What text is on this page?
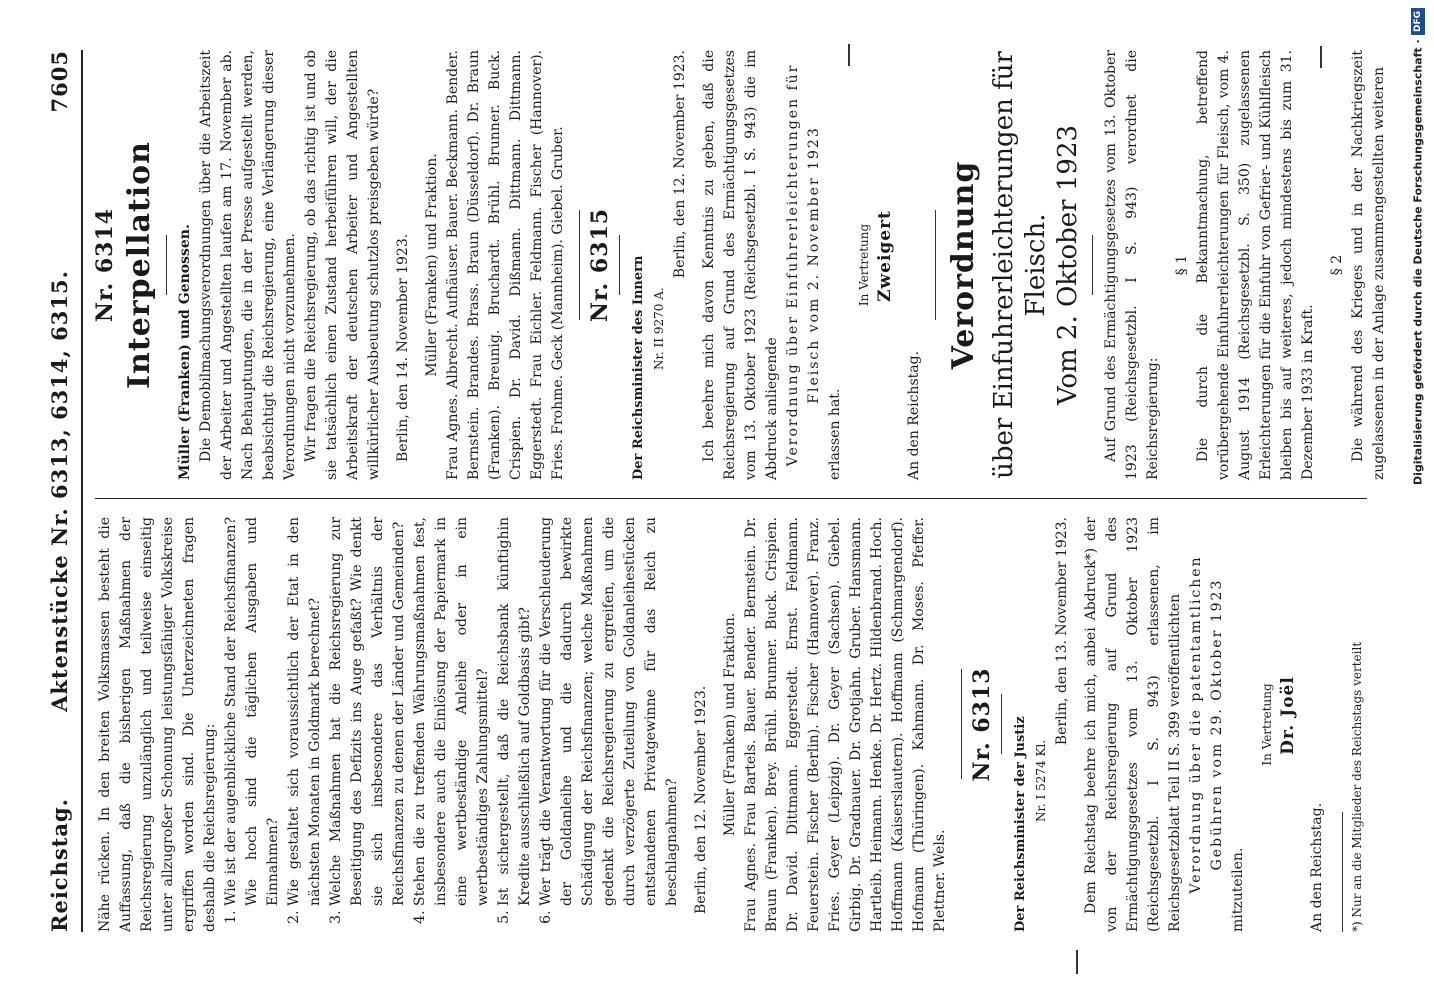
Reichstag.
Aktenstücke Nr. 6313, 6314, 6315.
7605

Nähe rücken. In den breiten Volksmassen besteht die Auffassung, daß die bisherigen Maßnahmen der Reichsregierung unzulänglich und teilweise einseitig unter allzugroßer Schonung leistungsfähiger Volkskreise ergriffen worden sind. Die Unterzeichneten fragen deshalb die Reichsregierung: 1. Wie ist der augenblickliche Stand der Reichsfinanzen? Wie hoch sind die täglichen Ausgaben und Einnahmen? 2. Wie gestaltet sich voraussichtlich der Etat in den nächsten Monaten in Goldmark berechnet? 3. Welche Maßnahmen hat die Reichsregierung zur Beseitigung des Defizits ins Auge gefaßt? Wie denkt sie sich insbesondere das Verhältnis der Reichsfinanzen zu denen der Länder und Gemeinden? 4. Stehen die zu treffenden Währungsmaßnahmen fest, insbesondere auch die Einlösung der Papiermark in eine wertbeständige Anleihe oder in ein wertbeständiges Zahlungsmittel? 5. Ist sichergestellt, daß die Reichsbank künftighin Kredite ausschließlich auf Goldbasis gibt? 6. Wer trägt die Verantwortung für die Verschleuderung der Goldanleihe und die dadurch bewirkte Schädigung der Reichsfinanzen; welche Maßnahmen gedenkt die Reichsregierung zu ergreifen, um die durch verzögerte Zuteilung von Goldanleihestücken entstandenen Privatgewinne für das Reich zu beschlagnahmen? Berlin, den 12. November 1923. Müller (Franken) und Fraktion. Frau Agnes. Frau Bartels. Bauer. Bender. Bernstein. Dr. Braun (Franken). Brey. Brühl. Brunner. Buck. Crispien. Dr. David. Dittmann. Eggerstedt. Ernst. Feldmann. Feuerstein. Fischer (Berlin). Fischer (Hannover). Franz. Fries. Geyer (Leipzig). Dr. Geyer (Sachsen). Giebel. Girbig. Dr. Gradnauer. Dr. Grotjahn. Gruber. Hansmann. Hartleib. Heimann. Henke. Dr. Hertz. Hildenbrand. Hoch. Hoffmann (Kaiserslautern). Hoffmann (Schmargendorf). Hofmann (Thüringen). Kahmann. Dr. Moses. Pfeffer. Plettner. Wels.

Nr. 6313 Der Reichsminister der Justiz Nr. I 5274 Kl.

Berlin, den 13. November 1923. Dem Reichstag beehre ich mich, anbei Abdruck*) der von der Reichsregierung auf Grund des Ermächtigungsgesetzes vom 13. Oktober 1923 (Reichsgesetzbl. I S. 943) erlassenen, im Reichsgesetzblatt Teil II S. 399 veröffentlichten Verordnung über die patentamtlichen Gebühren vom 29. Oktober 1923

mitzuteilen.

In Vertretung Dr. Joël

An den Reichstag. *) Nur an die Mitglieder des Reichstags verteilt

Nr. 6314 Interpellation Müller (Franken) und Genossen. Die Demobilmachungsverordnungen über die Arbeitszeit der Arbeiter und Angestellten laufen am 17. November ab. Nach Behauptungen, die in der Presse aufgestellt werden, beabsichtigt die Reichsregierung, eine Verlängerung dieser Verordnungen nicht vorzunehmen. Wir fragen die Reichsregierung, ob das richtig ist und ob sie tatsächlich einen Zustand herbeiführen will, der die Arbeitskraft der deutschen Arbeiter und Angestellten willkürlicher Ausbeutung schutzlos preisgeben würde? Berlin, den 14. November 1923. Müller (Franken) und Fraktion. Frau Agnes. Albrecht. Aufhäuser. Bauer. Beckmann. Bender. Bernstein. Brandes. Brass. Braun (Düsseldorf). Dr. Braun (Franken). Breunig. Bruchardt. Brühl. Brunner. Buck. Crispien. Dr. David. Dißmann. Dittmann. Dittmann. Eggerstedt. Frau Eichler. Feldmann. Fischer (Hannover). Fries. Frohme. Geck (Mannheim). Giebel. Gruber. Nr. 6315 Der Reichsminister des Innern Nr. II 9270 A.

Berlin, den 12. November 1923. Ich beehre mich davon Kenntnis zu geben, daß die Reichsregierung auf Grund des Ermächtigungsgesetzes vom 13. Oktober 1923 (Reichsgesetzbl. I S. 943) die im Abdruck anliegende Verordnung über Einfuhrerleichterungen für Fleisch vom 2. November 1923

erlassen hat.

In Vertretung Zweigert

An den Reichstag.

Verordnung über Einfuhrerleichterungen für Fleisch. Vom 2. Oktober 1923 Auf Grund des Ermächtigungsgesetzes vom 13. Oktober 1923 (Reichsgesetzbl. I S. 943) verordnet die Reichsregierung:

§ 1 Die durch die Bekanntmachung, betreffend vorübergehende Einfuhrerleichterungen für Fleisch, vom 4. August 1914 (Reichsgesetzbl. S. 350) zugelassenen Erleichterungen für die Einfuhr von Gefrier- und Kühlfleisch bleiben bis auf weiteres, jedoch mindestens bis zum 31. Dezember 1933 in Kraft.

§ 2 Die während des Krieges und in der Nachkriegszeit zugelassenen in der Anlage zusammengestellten weiteren Digitalisierung gefördert durch die Deutsche Forschungsgemeinschaft ·
DFG
